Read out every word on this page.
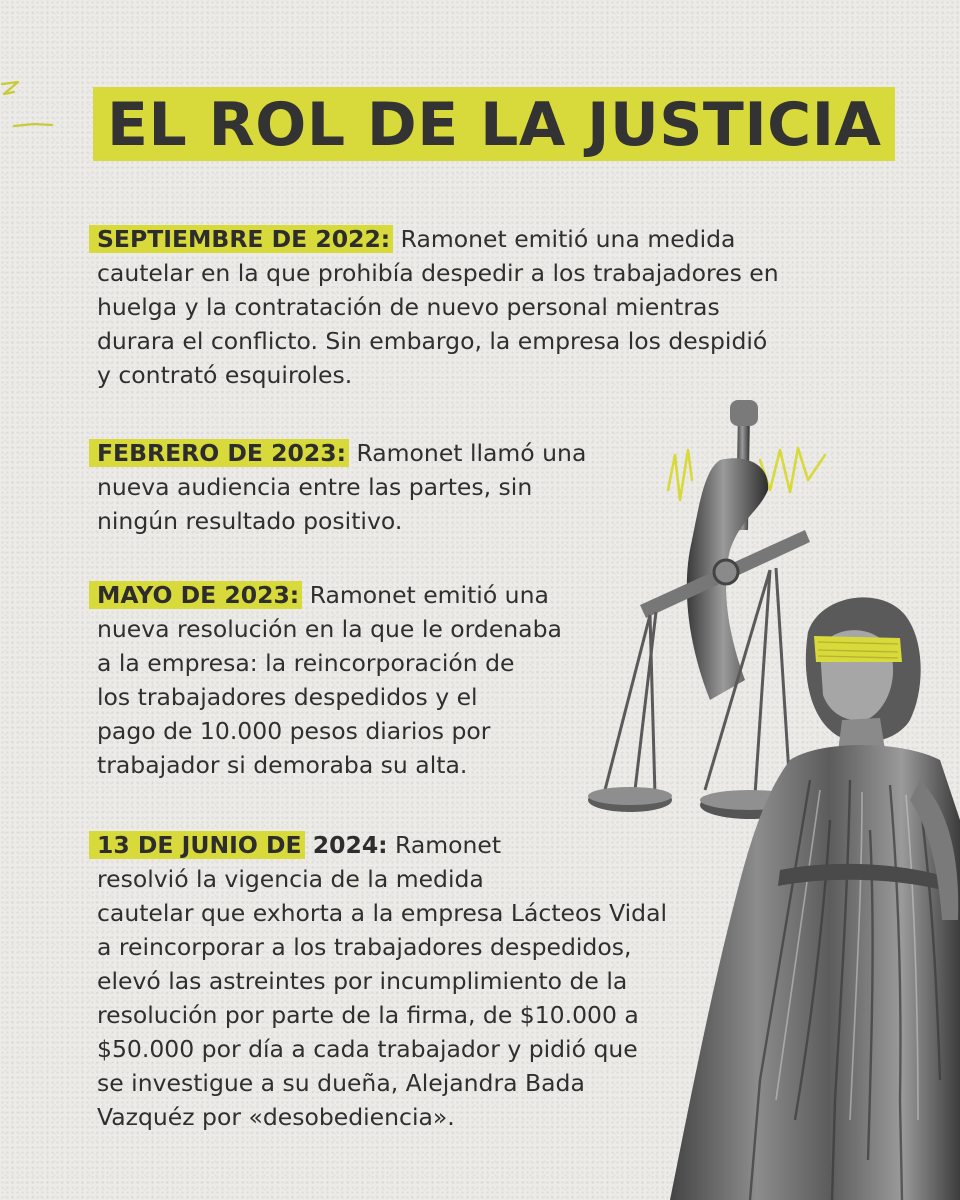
EL ROL DE LA JUSTICIA
SEPTIEMBRE DE 2022: Ramonet emitió una medida
cautelar en la que prohibía despedir a los trabajadores en
huelga y la contratación de nuevo personal mientras
durara el conflicto. Sin embargo, la empresa los despidió
y contrató esquiroles.
FEBRERO DE 2023: Ramonet llamó una
nueva audiencia entre las partes, sin
ningún resultado positivo.
MAYO DE 2023: Ramonet emitió una
nueva resolución en la que le ordenaba
a la empresa: la reincorporación de
los trabajadores despedidos y el
pago de 10.000 pesos diarios por
trabajador si demoraba su alta.
13 DE JUNIO DE 2024: Ramonet
resolvió la vigencia de la medida
cautelar que exhorta a la empresa Lácteos Vidal
a reincorporar a los trabajadores despedidos,
elevó las astreintes por incumplimiento de la
resolución por parte de la firma, de $10.000 a
$50.000 por día a cada trabajador y pidió que
se investigue a su dueña, Alejandra Bada
Vazquéz por «desobediencia».
